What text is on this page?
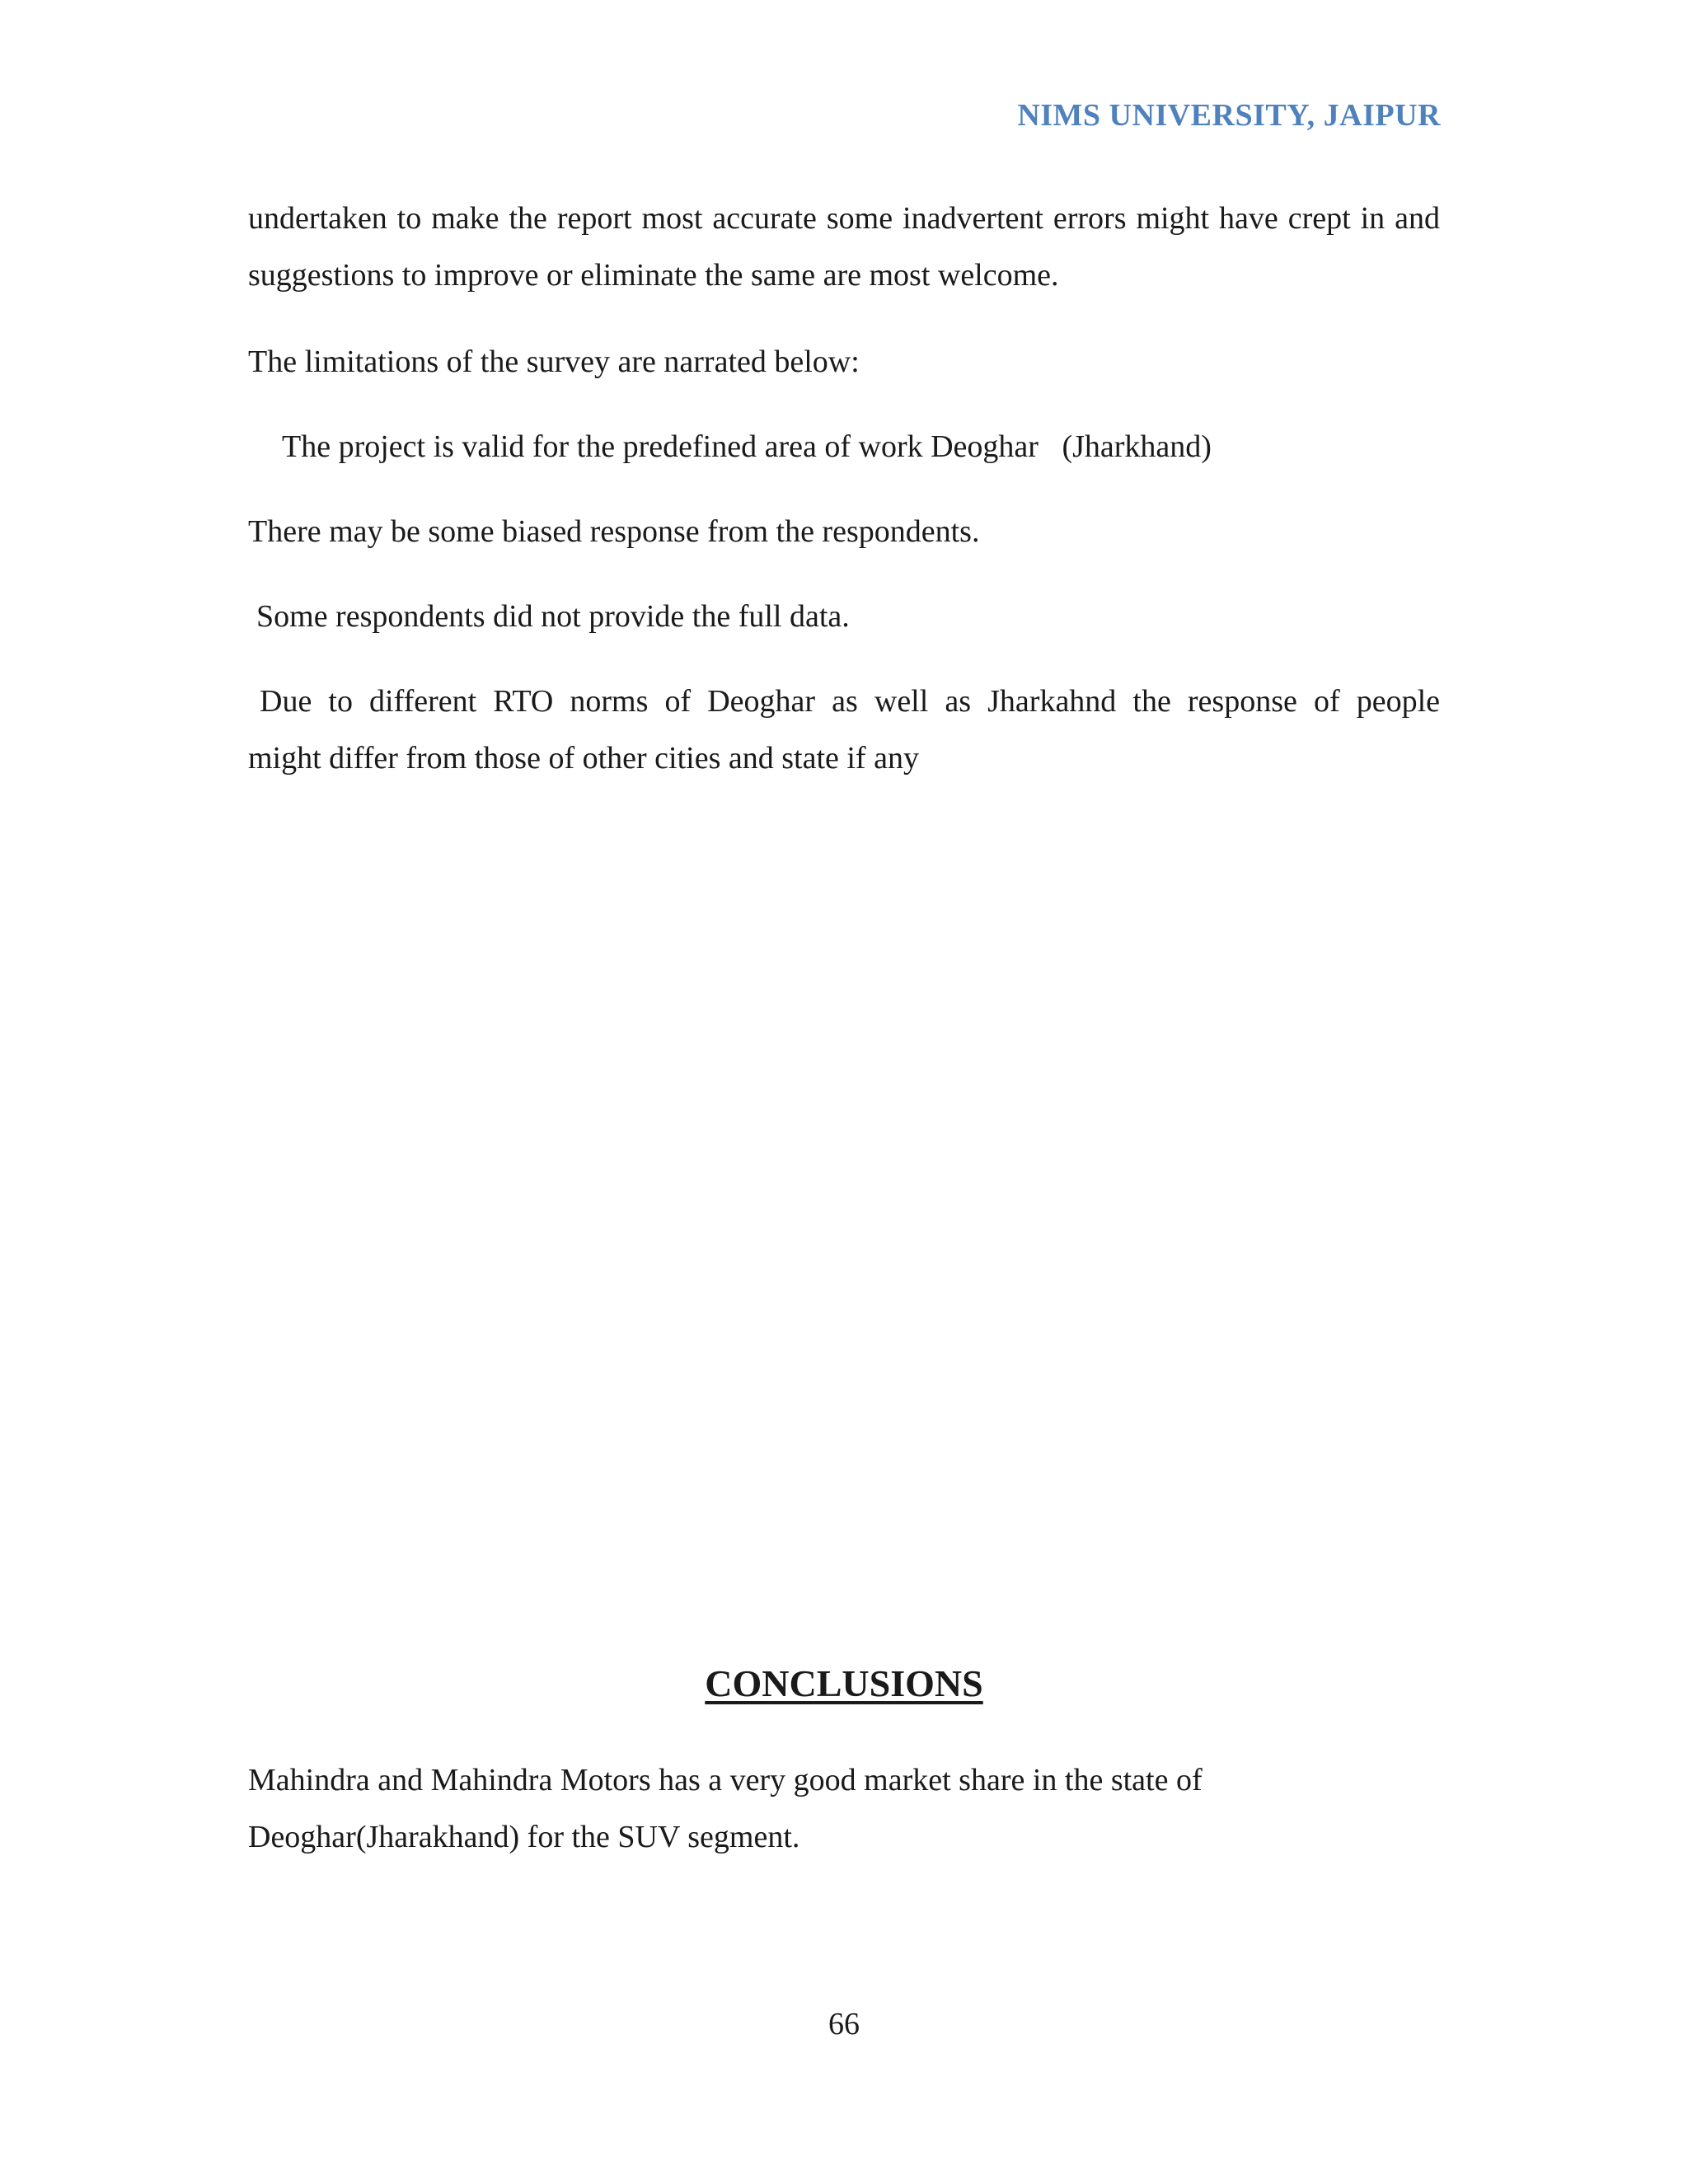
NIMS UNIVERSITY, JAIPUR

undertaken to make the report most accurate some inadvertent errors might have crept in and suggestions to improve or eliminate the same are most welcome.

The limitations of the survey are narrated below:

The project is valid for the predefined area of work Deoghar   (Jharkhand)

There may be some biased response from the respondents.

Some respondents did not provide the full data.

Due to different RTO norms of Deoghar as well as Jharkahnd the response of people
might differ from those of other cities and state if any
CONCLUSIONS
Mahindra and Mahindra Motors has a very good market share in the state of
Deoghar(Jharakhand) for the SUV segment.

66
